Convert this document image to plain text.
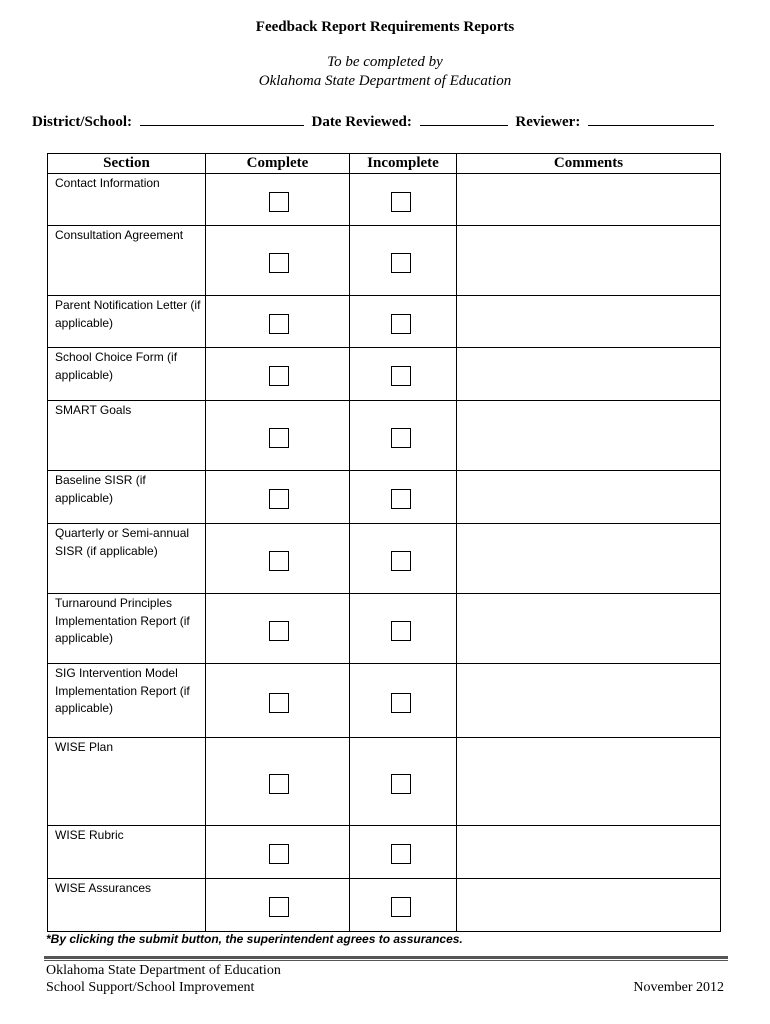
Feedback Report Requirements Reports
To be completed by
Oklahoma State Department of Education
District/School:	Date Reviewed:	Reviewer:
Section	Complete	Incomplete	Comments
Contact Information
Consultation Agreement
Parent Notification Letter (if applicable)
School Choice Form (if applicable)
SMART Goals
Baseline SISR (if applicable)
Quarterly or Semi-annual SISR (if applicable)
Turnaround Principles Implementation Report (if applicable)
SIG Intervention Model Implementation Report (if applicable)
WISE Plan
WISE Rubric
WISE Assurances
*By clicking the submit button, the superintendent agrees to assurances.
Oklahoma State Department of Education
School Support/School Improvement	November 2012
